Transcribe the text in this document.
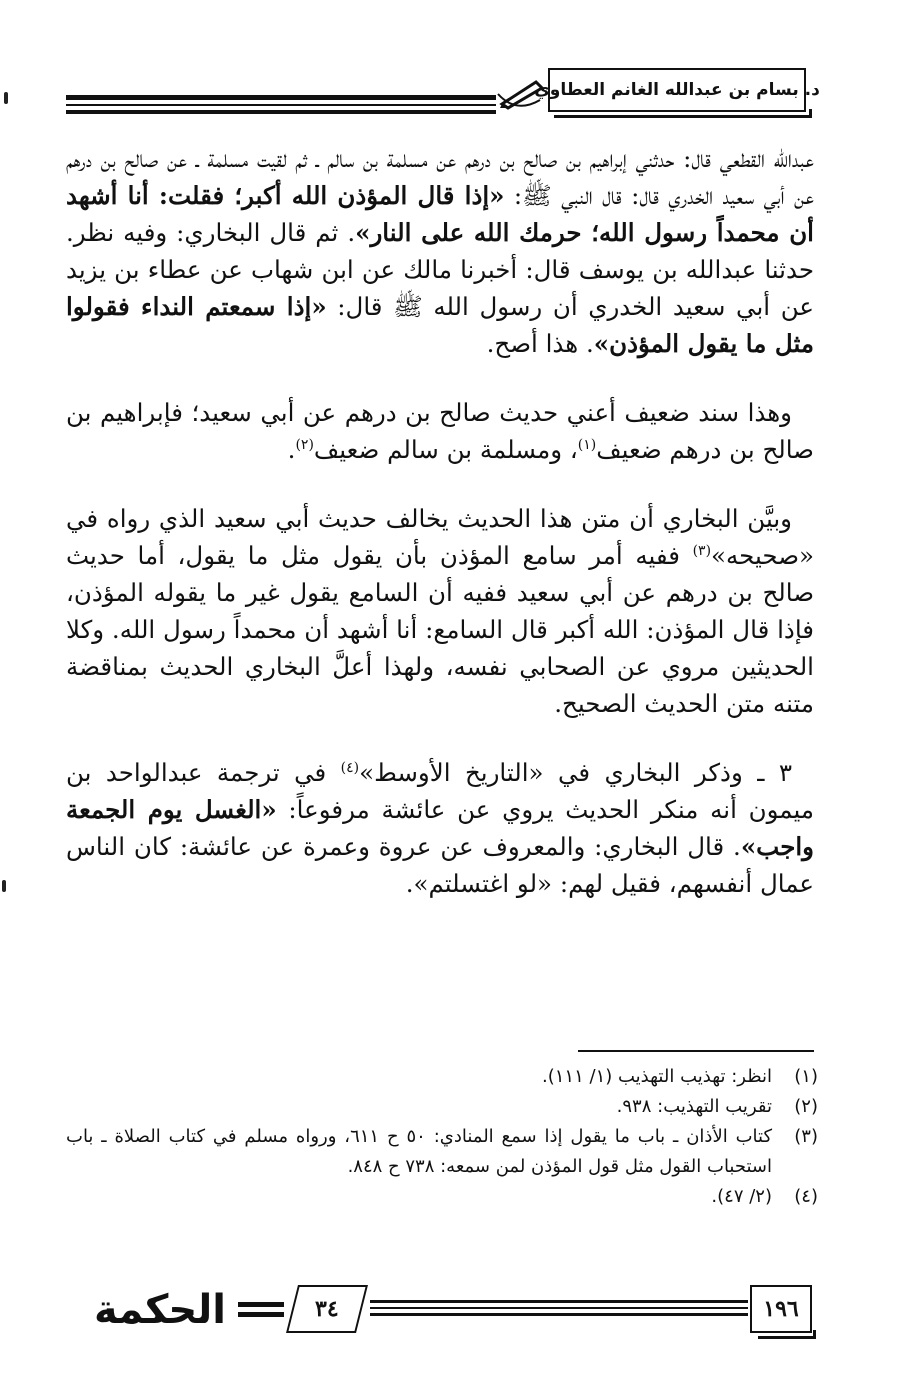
د. بسام بن عبدالله الغانم العطاوي

عبدالله القطعي قال: حدثني إبراهيم بن صالح بن درهم عن مسلمة بن سالم ـ ثم لقيت مسلمة ـ عن صالح بن درهم عن أبي سعيد الخدري قال: قال النبي ﷺ: «إذا قال المؤذن الله أكبر؛ فقلت: أنا أشهد أن محمداً رسول الله؛ حرمك الله على النار». ثم قال البخاري: وفيه نظر. حدثنا عبدالله بن يوسف قال: أخبرنا مالك عن ابن شهاب عن عطاء بن يزيد عن أبي سعيد الخدري أن رسول الله ﷺ قال: «إذا سمعتم النداء فقولوا مثل ما يقول المؤذن». هذا أصح.

وهذا سند ضعيف أعني حديث صالح بن درهم عن أبي سعيد؛ فإبراهيم بن صالح بن درهم ضعيف$^{(١)}$، ومسلمة بن سالم ضعيف$^{(٢)}$.

وبيَّن البخاري أن متن هذا الحديث يخالف حديث أبي سعيد الذي رواه في «صحيحه»$^{(٣)}$ ففيه أمر سامع المؤذن بأن يقول مثل ما يقول، أما حديث صالح بن درهم عن أبي سعيد ففيه أن السامع يقول غير ما يقوله المؤذن، فإذا قال المؤذن: الله أكبر قال السامع: أنا أشهد أن محمداً رسول الله. وكلا الحديثين مروي عن الصحابي نفسه، ولهذا أعلَّ البخاري الحديث بمناقضة متنه متن الحديث الصحيح.

٣ ـ وذكر البخاري في «التاريخ الأوسط»$^{(٤)}$ في ترجمة عبدالواحد بن ميمون أنه منكر الحديث يروي عن عائشة مرفوعاً: «الغسل يوم الجمعة واجب». قال البخاري: والمعروف عن عروة وعمرة عن عائشة: كان الناس عمال أنفسهم، فقيل لهم: «لو اغتسلتم».

(١)
انظر: تهذيب التهذيب (١/ ١١١).
(٢)
تقريب التهذيب: ٩٣٨.
(٣)
كتاب الأذان ـ باب ما يقول إذا سمع المنادي: ٥٠ ح ٦١١، ورواه مسلم في كتاب الصلاة ـ باب استحباب القول مثل قول المؤذن لمن سمعه: ٧٣٨ ح ٨٤٨.
(٤)
(٢/ ٤٧).
١٩٦
٣٤
الحكمة
